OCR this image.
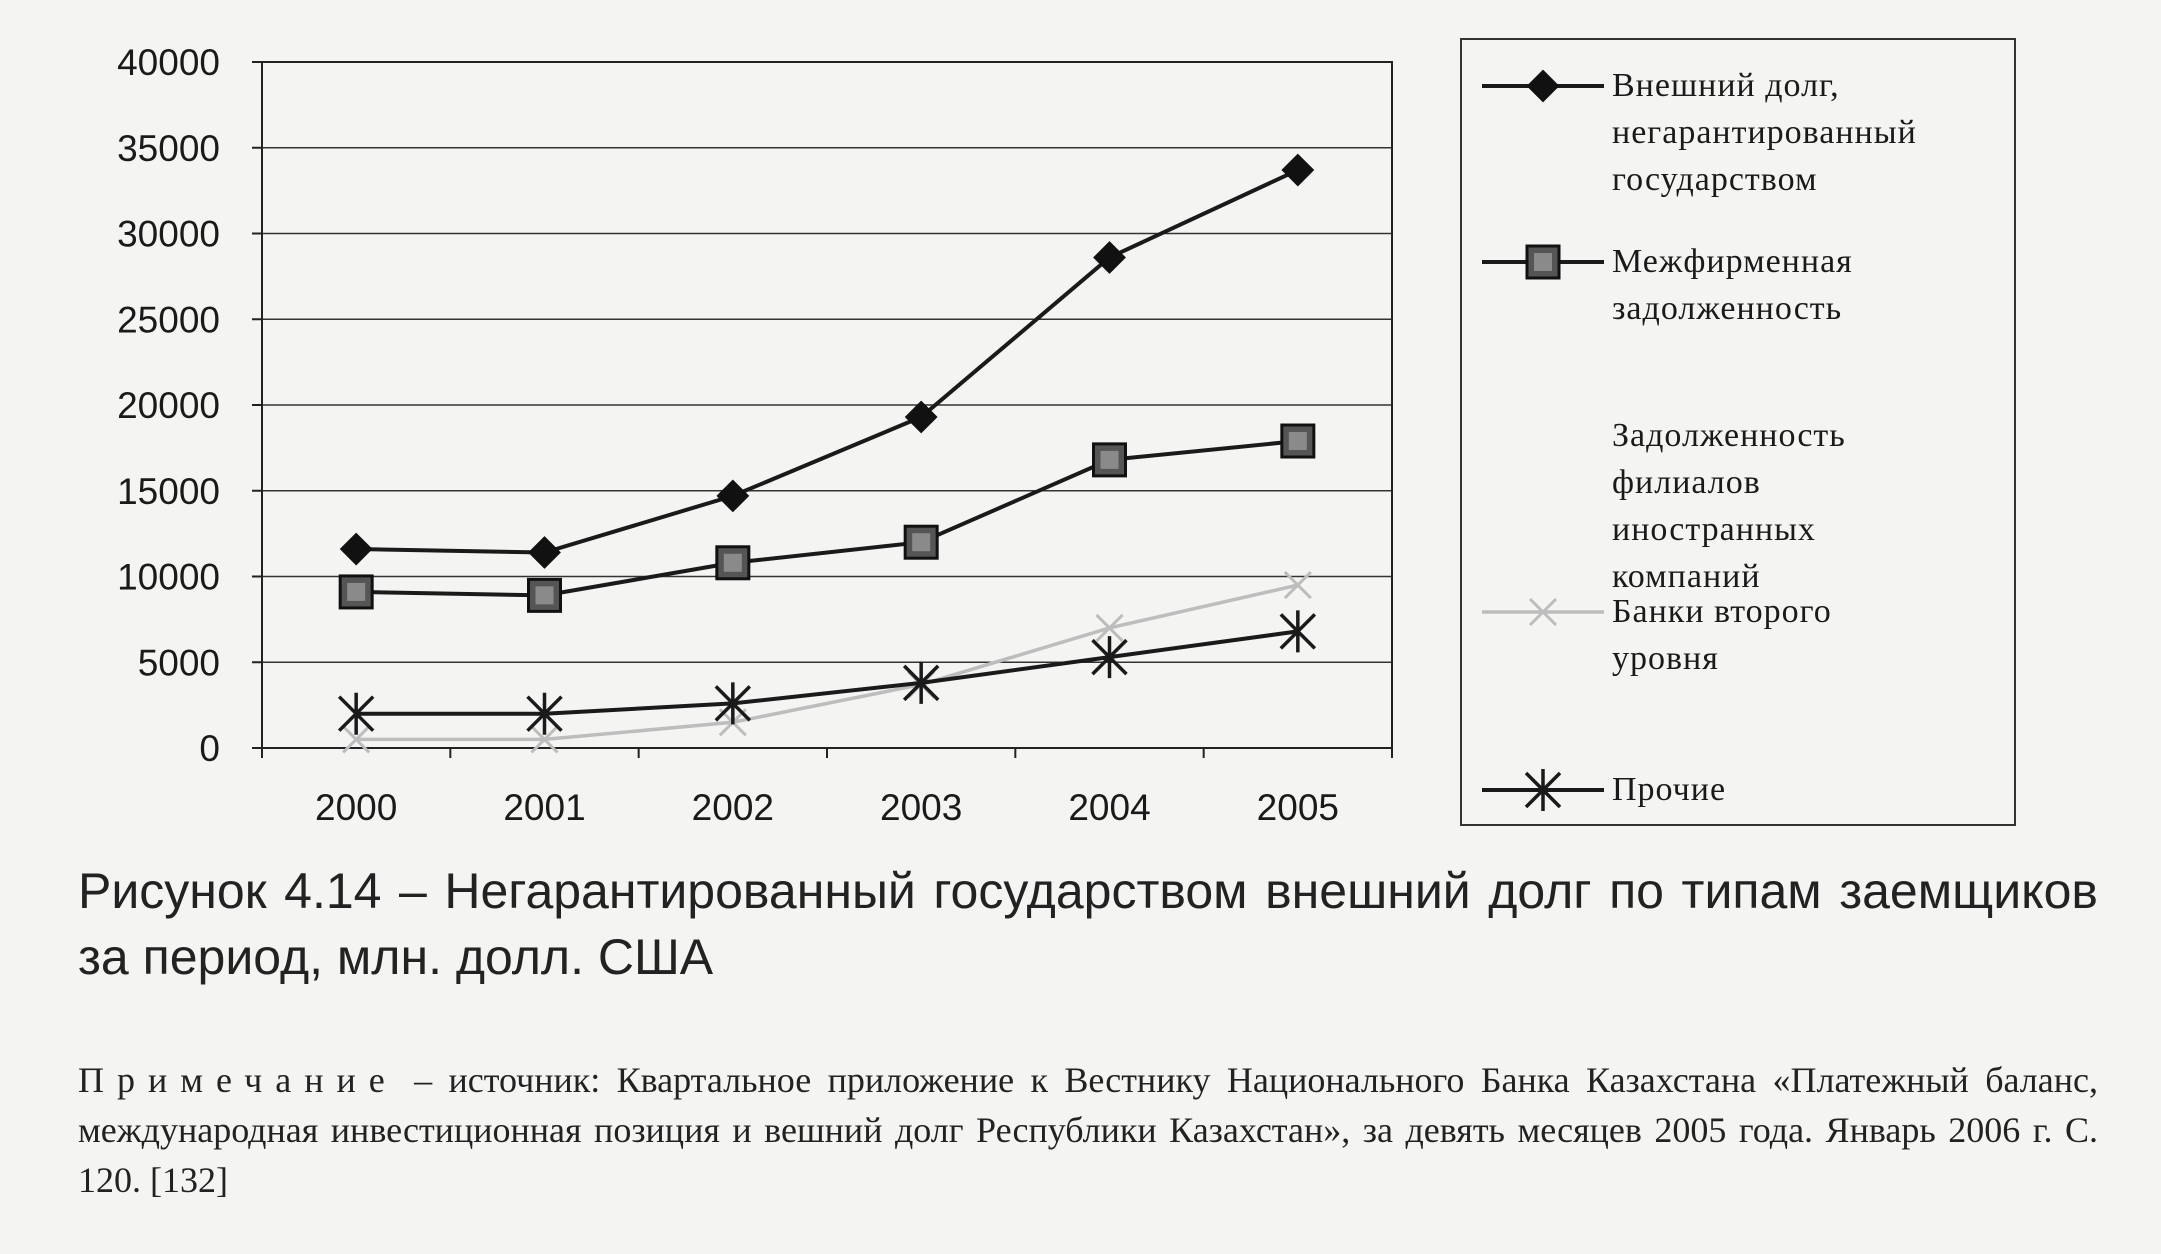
0
5000
10000
15000
20000
25000
30000
35000
40000
2000	2001	2002	2003	2004	2005
Внешний долг,
негарантированный
государством
Межфирменная
задолженность
Задолженность
филиалов
иностранных
компаний
Банки второго
уровня
Прочие

Рисунок 4.14 – Негарантированный государством внешний долг по типам заемщиков за период, млн. долл. США

Примечание – источник: Квартальное приложение к Вестнику Национального Банка Казахстана «Платежный баланс, международная инвестиционная позиция и вешний долг Республики Казахстан», за девять месяцев 2005 года. Январь 2006 г. С. 120. [132]
